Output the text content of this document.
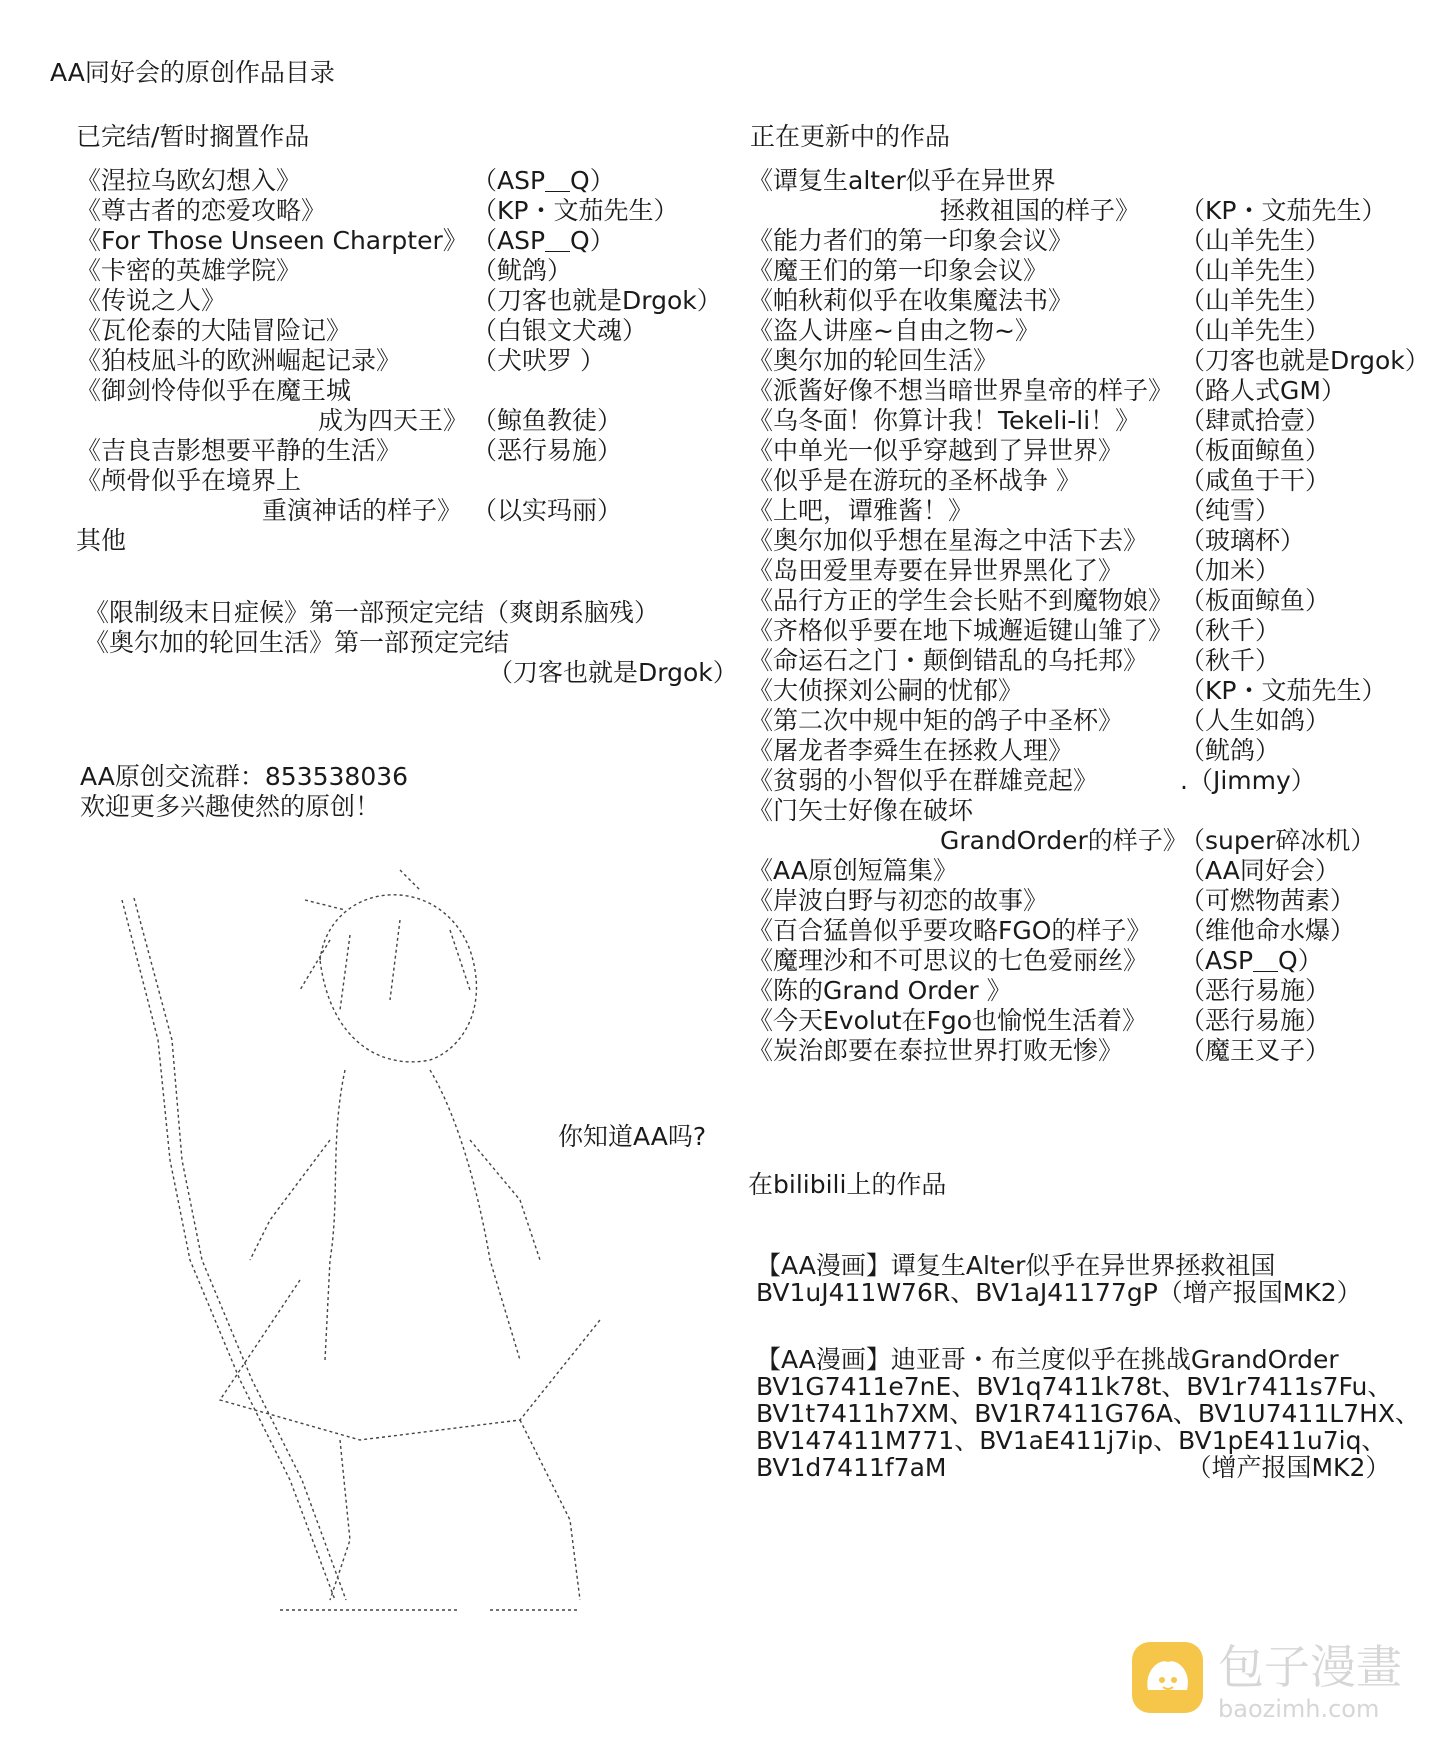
AA同好会的原创作品目录
已完结/暂时搁置作品
《涅拉乌欧幻想入》	（ASP＿Q）
《尊古者的恋爱攻略》	（KP・文茄先生）
《For Those Unseen Charpter》 （ASP＿Q）
《卡密的英雄学院》	（鱿鸽）
《传说之人》	（刀客也就是Drgok）
《瓦伦泰的大陆冒险记》	（白银文犬魂）
《狛枝凪斗的欧洲崛起记录》	（犬吠罗 ）
《御剑怜侍似乎在魔王城
成为四天王》 （鲸鱼教徒）
《吉良吉影想要平静的生活》	（恶行易施）
《颅骨似乎在境界上
重演神话的样子》 （以实玛丽）
其他
《限制级末日症候》第一部预定完结（爽朗系脑残）
《奥尔加的轮回生活》第一部预定完结
（刀客也就是Drgok）
AA原创交流群：853538036
欢迎更多兴趣使然的原创！
正在更新中的作品
《谭复生alter似乎在异世界
拯救祖国的样子》 （KP・文茄先生）
《能力者们的第一印象会议》	（山羊先生）
《魔王们的第一印象会议》	（山羊先生）
《帕秋莉似乎在收集魔法书》	（山羊先生）
《盗人讲座~自由之物~》	（山羊先生）
《奥尔加的轮回生活》	（刀客也就是Drgok）
《派酱好像不想当暗世界皇帝的样子》 （路人式GM）
《乌冬面！你算计我！Tekeli-li！》 （肆贰拾壹）
《中单光一似乎穿越到了异世界》 （板面鲸鱼）
《似乎是在游玩的圣杯战争 》	（咸鱼于干）
《上吧，谭雅酱！》	（纯雪）
《奥尔加似乎想在星海之中活下去》 （玻璃杯）
《岛田爱里寿要在异世界黑化了》 （加米）
《品行方正的学生会长贴不到魔物娘》 （板面鲸鱼）
《齐格似乎要在地下城邂逅键山雏了》 （秋千）
《命运石之门・颠倒错乱的乌托邦》 （秋千）
《大侦探刘公嗣的忧郁》	（KP・文茄先生）
《第二次中规中矩的鸽子中圣杯》 （人生如鸽）
《屠龙者李舜生在拯救人理》	（鱿鸽）
《贫弱的小智似乎在群雄竞起》	.（Jimmy）
《门矢士好像在破坏
GrandOrder的样子》
（super碎冰机）
《AA原创短篇集》	（AA同好会）
《岸波白野与初恋的故事》	（可燃物茜素）
《百合猛兽似乎要攻略FGO的样子》 （维他命水爆）
《魔理沙和不可思议的七色爱丽丝》 （ASP＿Q）
《陈的Grand Order 》	（恶行易施）
《今天Evolut在Fgo也愉悦生活着》 （恶行易施）
《炭治郎要在泰拉世界打败无惨》 （魔王叉子）
你知道AA吗?
在bilibili上的作品
【AA漫画】谭复生Alter似乎在异世界拯救祖国
BV1uJ411W76R、BV1aJ41177gP（增产报国MK2）
【AA漫画】迪亚哥・布兰度似乎在挑战GrandOrder
BV1G7411e7nE、BV1q7411k78t、BV1r7411s7Fu、
BV1t7411h7XM、BV1R7411G76A、BV1U7411L7HX、
BV147411M771、BV1aE411j7ip、BV1pE411u7iq、
BV1d7411f7aM	（增产报国MK2）
包子漫畫
baozimh.com
